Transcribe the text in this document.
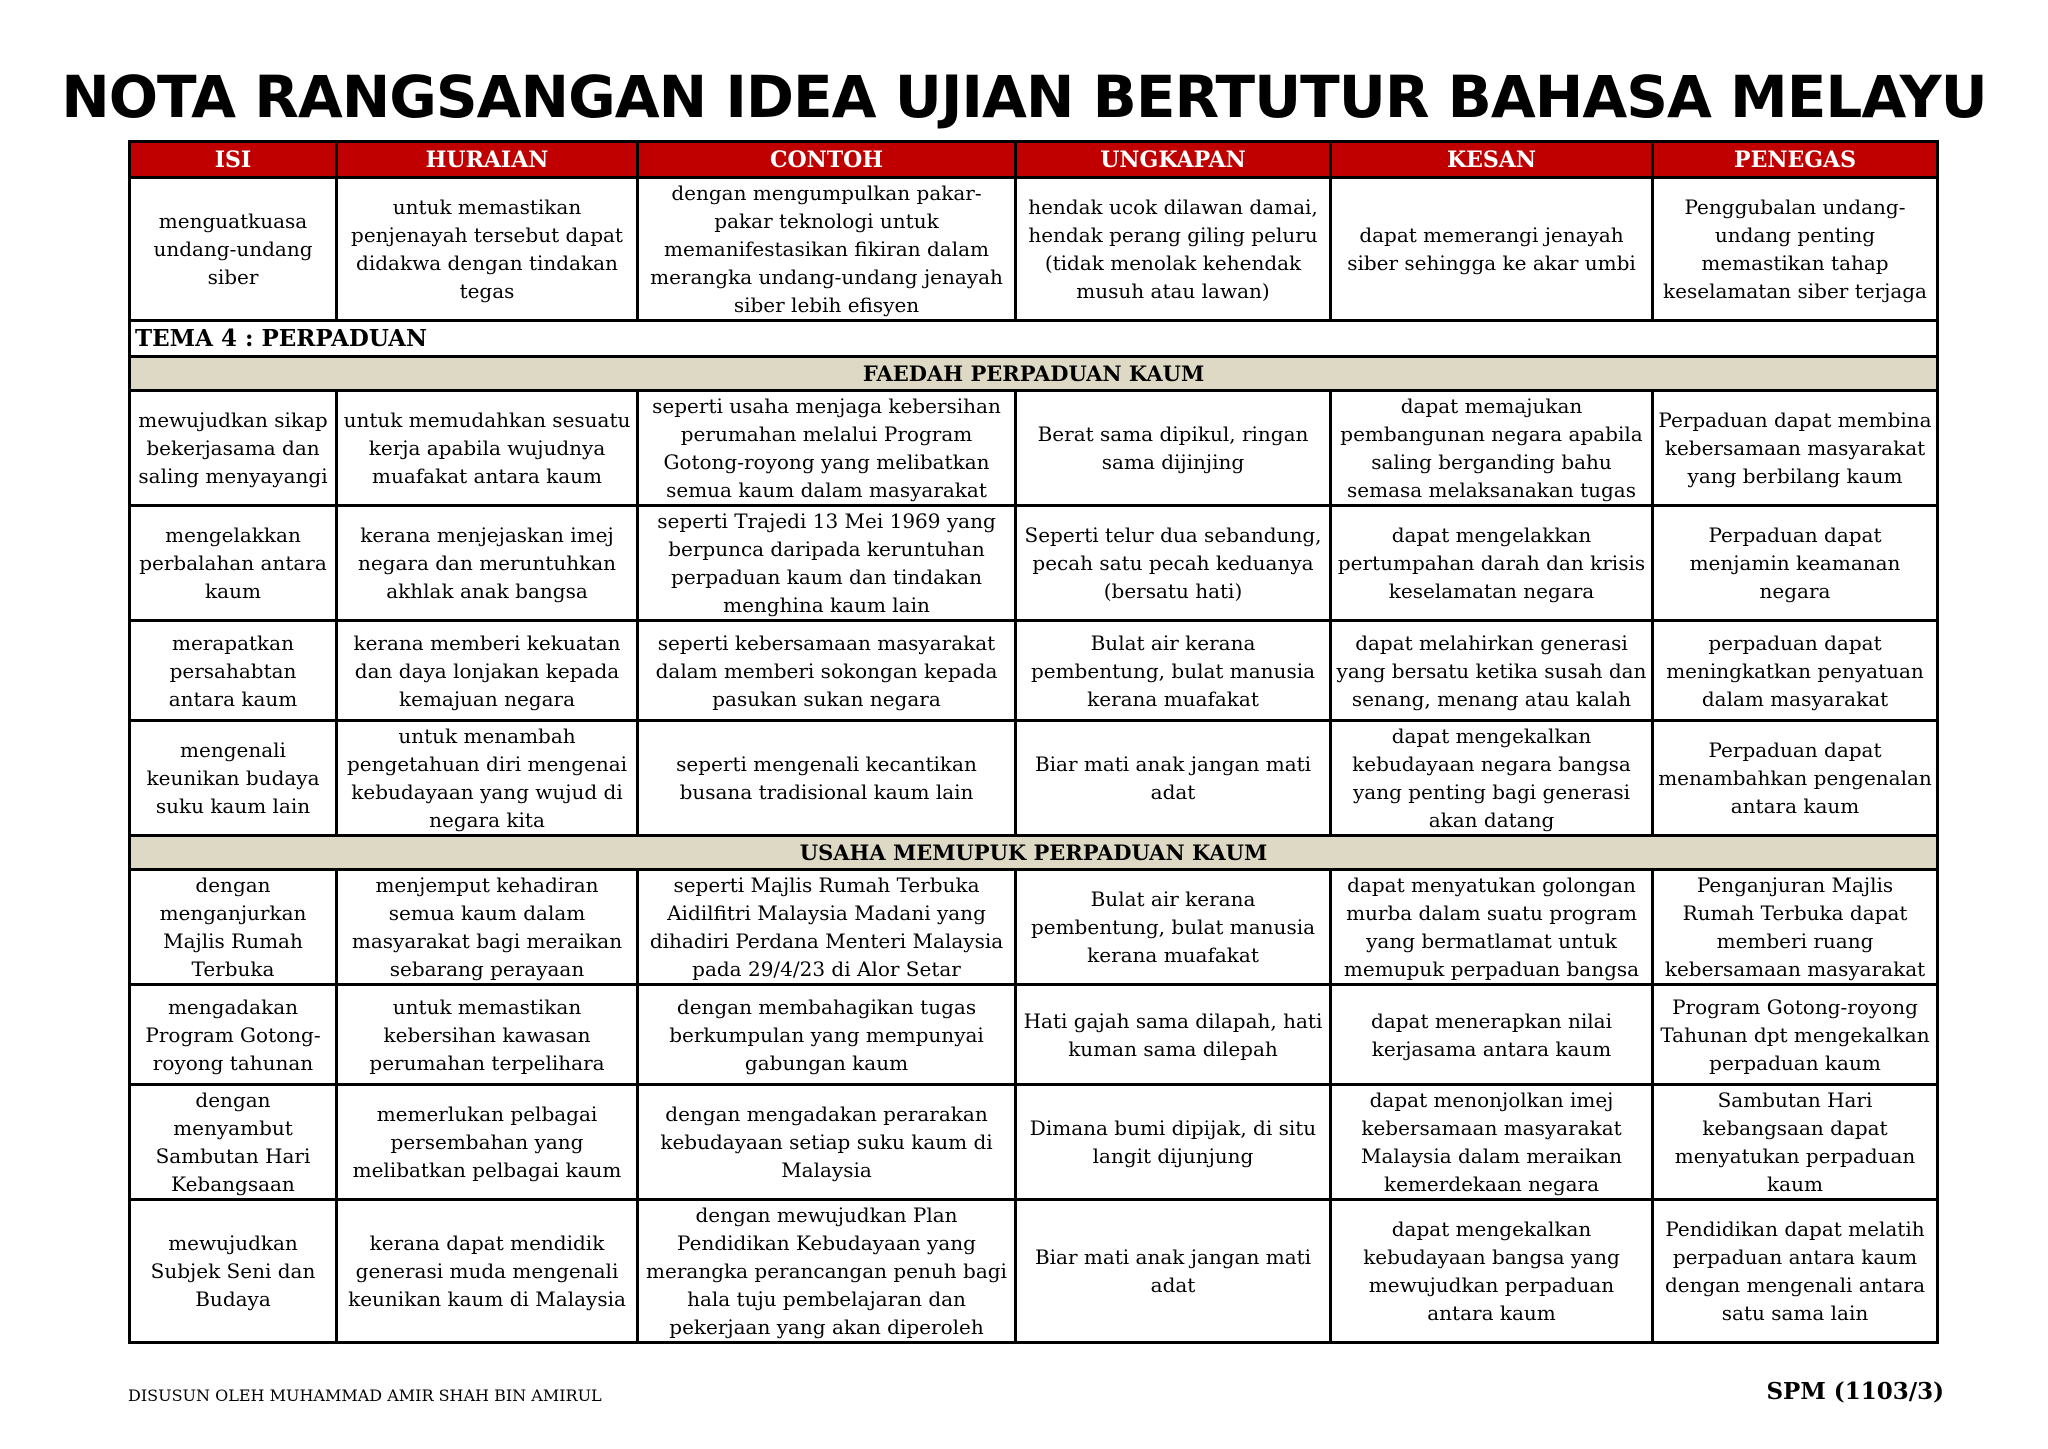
NOTA RANGSANGAN IDEA UJIAN BERTUTUR BAHASA MELAYU
ISI	HURAIAN	CONTOH	UNGKAPAN	KESAN	PENEGAS
menguatkuasa undang-undang siber	untuk memastikan penjenayah tersebut dapat didakwa dengan tindakan tegas	dengan mengumpulkan pakar-pakar teknologi untuk memanifestasikan fikiran dalam merangka undang-undang jenayah siber lebih efisyen	hendak ucok dilawan damai, hendak perang giling peluru (tidak menolak kehendak musuh atau lawan)	dapat memerangi jenayah siber sehingga ke akar umbi	Penggubalan undang-undang penting memastikan tahap keselamatan siber terjaga
TEMA 4 : PERPADUAN					
FAEDAH PERPADUAN KAUM					
mewujudkan sikap bekerjasama dan saling menyayangi	untuk memudahkan sesuatu kerja apabila wujudnya muafakat antara kaum	seperti usaha menjaga kebersihan perumahan melalui Program Gotong-royong yang melibatkan semua kaum dalam masyarakat	Berat sama dipikul, ringan sama dijinjing	dapat memajukan pembangunan negara apabila saling berganding bahu semasa melaksanakan tugas	Perpaduan dapat membina kebersamaan masyarakat yang berbilang kaum
mengelakkan perbalahan antara kaum	kerana menjejaskan imej negara dan meruntuhkan akhlak anak bangsa	seperti Trajedi 13 Mei 1969 yang berpunca daripada keruntuhan perpaduan kaum dan tindakan menghina kaum lain	Seperti telur dua sebandung, pecah satu pecah keduanya (bersatu hati)	dapat mengelakkan pertumpahan darah dan krisis keselamatan negara	Perpaduan dapat menjamin keamanan negara
merapatkan persahabtan antara kaum	kerana memberi kekuatan dan daya lonjakan kepada kemajuan negara	seperti kebersamaan masyarakat dalam memberi sokongan kepada pasukan sukan negara	Bulat air kerana pembentung, bulat manusia kerana muafakat	dapat melahirkan generasi yang bersatu ketika susah dan senang, menang atau kalah	perpaduan dapat meningkatkan penyatuan dalam masyarakat
mengenali keunikan budaya suku kaum lain	untuk menambah pengetahuan diri mengenai kebudayaan yang wujud di negara kita	seperti mengenali kecantikan busana tradisional kaum lain	Biar mati anak jangan mati adat	dapat mengekalkan kebudayaan negara bangsa yang penting bagi generasi akan datang	Perpaduan dapat menambahkan pengenalan antara kaum
USAHA MEMUPUK PERPADUAN KAUM					
dengan menganjurkan Majlis Rumah Terbuka	menjemput kehadiran semua kaum dalam masyarakat bagi meraikan sebarang perayaan	seperti Majlis Rumah Terbuka Aidilfitri Malaysia Madani yang dihadiri Perdana Menteri Malaysia pada 29/4/23 di Alor Setar	Bulat air kerana pembentung, bulat manusia kerana muafakat	dapat menyatukan golongan murba dalam suatu program yang bermatlamat untuk memupuk perpaduan bangsa	Penganjuran Majlis Rumah Terbuka dapat memberi ruang kebersamaan masyarakat
mengadakan Program Gotong-royong tahunan	untuk memastikan kebersihan kawasan perumahan terpelihara	dengan membahagikan tugas berkumpulan yang mempunyai gabungan kaum	Hati gajah sama dilapah, hati kuman sama dilepah	dapat menerapkan nilai kerjasama antara kaum	Program Gotong-royong Tahunan dpt mengekalkan perpaduan kaum
dengan menyambut Sambutan Hari Kebangsaan	memerlukan pelbagai persembahan yang melibatkan pelbagai kaum	dengan mengadakan perarakan kebudayaan setiap suku kaum di Malaysia	Dimana bumi dipijak, di situ langit dijunjung	dapat menonjolkan imej kebersamaan masyarakat Malaysia dalam meraikan kemerdekaan negara	Sambutan Hari kebangsaan dapat menyatukan perpaduan kaum
mewujudkan Subjek Seni dan Budaya	kerana dapat mendidik generasi muda mengenali keunikan kaum di Malaysia	dengan mewujudkan Plan Pendidikan Kebudayaan yang merangka perancangan penuh bagi hala tuju pembelajaran dan pekerjaan yang akan diperoleh	Biar mati anak jangan mati adat	dapat mengekalkan kebudayaan bangsa yang mewujudkan perpaduan antara kaum	Pendidikan dapat melatih perpaduan antara kaum dengan mengenali antara satu sama lain
DISUSUN OLEH MUHAMMAD AMIR SHAH BIN AMIRUL	SPM (1103/3)
